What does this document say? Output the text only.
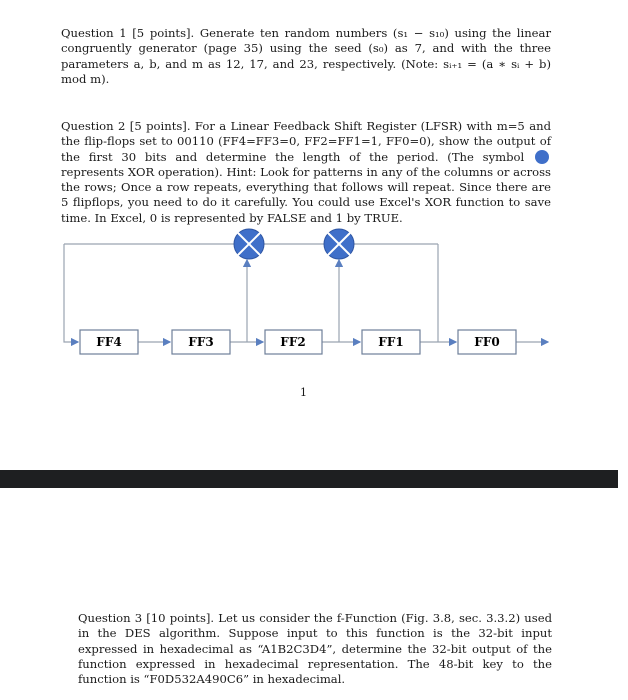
Question 1 [5 points]. Generate ten random numbers (s₁ − s₁₀) using the linear congruently generator (page 35) using the seed (s₀) as 7, and with the three parameters a, b, and m as 12, 17, and 23, respectively. (Note: sᵢ₊₁ = (a ∗ sᵢ + b) mod m).

Question 2 [5 points]. For a Linear Feedback Shift Register (LFSR) with m=5 and the flip-flops set to 00110 (FF4=FF3=0, FF2=FF1=1, FF0=0), show the output of the first 30 bits and determine the length of the period. (The symbol  represents XOR operation). Hint: Look for patterns in any of the columns or across the rows; Once a row repeats, everything that follows will repeat. Since there are 5 flipflops, you need to do it carefully. You could use Excel's XOR function to save time. In Excel, 0 is represented by FALSE and 1 by TRUE.

FF4	FF3	FF2	FF1	FF0
1

Question 3 [10 points]. Let us consider the f-Function (Fig. 3.8, sec. 3.3.2) used in the DES algorithm. Suppose input to this function is the 32-bit input expressed in hexadecimal as “A1B2C3D4”, determine the 32-bit output of the function expressed in hexadecimal representation. The 48-bit key to the function is “F0D532A490C6” in hexadecimal.
